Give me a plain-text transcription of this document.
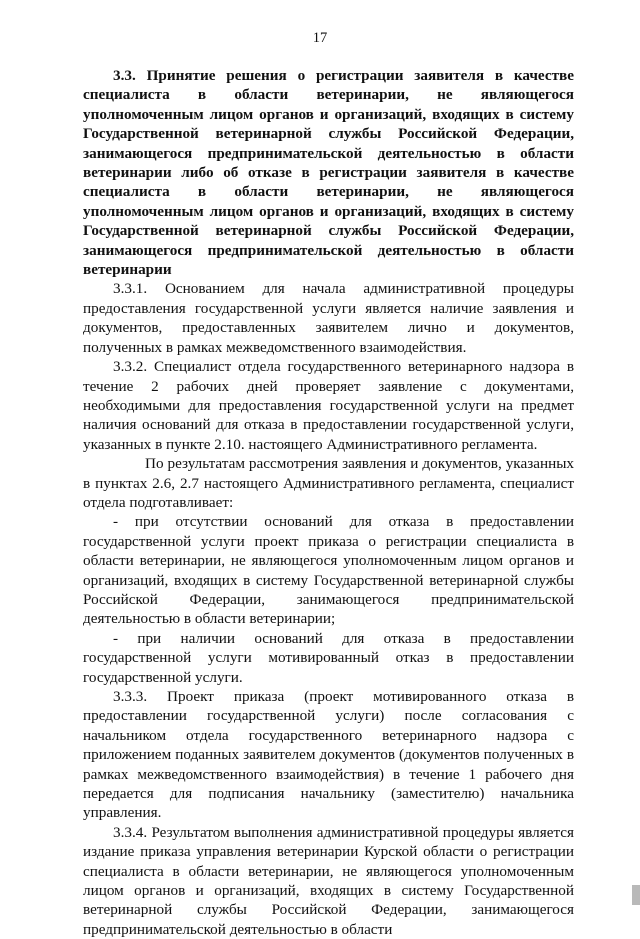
17

3.3. Принятие решения о регистрации заявителя в качестве специалиста в области ветеринарии, не являющегося уполномоченным лицом органов и организаций, входящих в систему Государственной ветеринарной службы Российской Федерации, занимающегося предпринимательской деятельностью в области ветеринарии либо об отказе в регистрации заявителя в качестве специалиста в области ветеринарии, не являющегося уполномоченным лицом органов и организаций, входящих в систему Государственной ветеринарной службы Российской Федерации, занимающегося предпринимательской деятельностью в области ветеринарии

3.3.1. Основанием для начала административной процедуры предоставления государственной услуги является наличие заявления и документов, предоставленных заявителем лично и документов, полученных в рамках межведомственного взаимодействия.

3.3.2. Специалист отдела государственного ветеринарного надзора в течение 2 рабочих дней проверяет заявление с документами, необходимыми для предоставления государственной услуги на предмет наличия оснований для отказа в предоставлении государственной услуги, указанных в пункте 2.10. настоящего Административного регламента.

По результатам рассмотрения заявления и документов, указанных в пунктах 2.6, 2.7 настоящего Административного регламента, специалист отдела подготавливает:

- при отсутствии оснований для отказа в предоставлении государственной услуги проект приказа о регистрации специалиста в области ветеринарии, не являющегося уполномоченным лицом органов и организаций, входящих в систему Государственной ветеринарной службы Российской Федерации, занимающегося предпринимательской деятельностью в области ветеринарии;

- при наличии оснований для отказа в предоставлении государственной услуги мотивированный отказ в предоставлении государственной услуги.

3.3.3. Проект приказа (проект мотивированного отказа в предоставлении государственной услуги) после согласования с начальником отдела государственного ветеринарного надзора с приложением поданных заявителем документов (документов полученных в рамках межведомственного взаимодействия) в течение 1 рабочего дня передается для подписания начальнику (заместителю) начальника управления.

3.3.4. Результатом выполнения административной процедуры является издание приказа управления ветеринарии Курской области о регистрации специалиста в области ветеринарии, не являющегося уполномоченным лицом органов и организаций, входящих в систему Государственной ветеринарной службы Российской Федерации, занимающегося предпринимательской деятельностью в области
